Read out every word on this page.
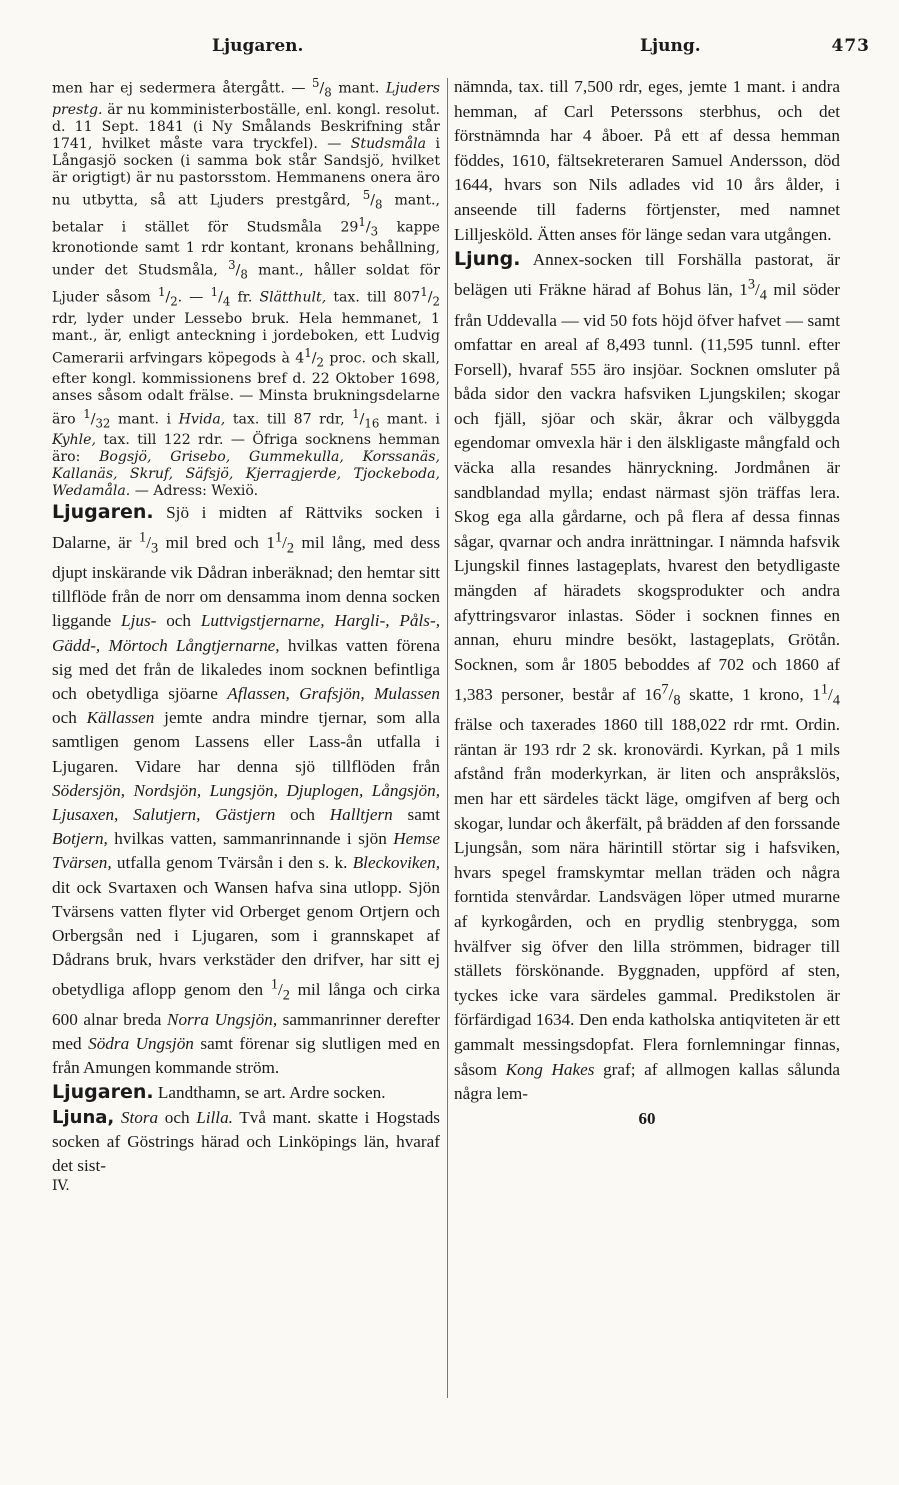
Ljugaren.	Ljung.	473

men har ej sedermera återgått. — $^5/_8$ mant. Ljuders prestg. är nu komministerboställe, enl. kongl. resolut. d. 11 Sept. 1841 (i Ny Smålands Beskrifning står 1741, hvilket måste vara tryckfel). — Studsmåla i Långasjö socken (i samma bok står Sandsjö, hvilket är origtigt) är nu pastorsstom. Hemmanens onera äro nu utbytta, så att Ljuders prestgård, $^5/_8$ mant., betalar i stället för Studsmåla $29^1/_3$ kappe kronotionde samt 1 rdr kontant, kronans behållning, under det Studsmåla, $^3/_8$ mant., håller soldat för Ljuder såsom $^1/_2$. — $^1/_4$ fr. Slätthult, tax. till $807^1/_2$ rdr, lyder under Lessebo bruk. Hela hemmanet, 1 mant., är, enligt anteckning i jordeboken, ett Ludvig Camerarii arfvingars köpegods à $4^1/_2$ proc. och skall, efter kongl. kommissionens bref d. 22 Oktober 1698, anses såsom odalt frälse. — Minsta brukningsdelarne äro $^1/_{32}$ mant. i Hvida, tax. till 87 rdr, $^1/_{16}$ mant. i Kyhle, tax. till 122 rdr. — Öfriga socknens hemman äro: Bogsjö, Grisebo, Gummekulla, Korssanäs, Kallanäs, Skruf, Säfsjö, Kjerragjerde, Tjockeboda, Wedamåla. — Adress: Wexiö.

Ljugaren. Sjö i midten af Rättviks socken i Dalarne, är $^1/_3$ mil bred och $1^1/_2$ mil lång, med dess djupt inskärande vik Dådran inberäknad; den hemtar sitt tillflöde från de norr om densamma inom denna socken liggande Ljus- och Luttvigstjernarne, Hargli-, Påls-, Gädd-, Mörtoch Långtjernarne, hvilkas vatten förena sig med det från de likaledes inom socknen befintliga och obetydliga sjöarne Aflassen, Grafsjön, Mulassen och Källassen jemte andra mindre tjernar, som alla samtligen genom Lassens eller Lass-ån utfalla i Ljugaren. Vidare har denna sjö tillflöden från Södersjön, Nordsjön, Lungsjön, Djuplogen, Långsjön, Ljusaxen, Salutjern, Gästjern och Halltjern samt Botjern, hvilkas vatten, sammanrinnande i sjön Hemse Tvärsen, utfalla genom Tvärsån i den s. k. Bleckoviken, dit ock Svartaxen och Wansen hafva sina utlopp. Sjön Tvärsens vatten flyter vid Orberget genom Ortjern och Orbergsån ned i Ljugaren, som i grannskapet af Dådrans bruk, hvars verkstäder den drifver, har sitt ej obetydliga aflopp genom den $^1/_2$ mil långa och cirka 600 alnar breda Norra Ungsjön, sammanrinner derefter med Södra Ungsjön samt förenar sig slutligen med en från Amungen kommande ström.

Ljugaren. Landthamn, se art. Ardre socken.

Ljuna, Stora och Lilla. Två mant. skatte i Hogstads socken af Göstrings härad och Linköpings län, hvaraf det sist-

IV.

nämnda, tax. till 7,500 rdr, eges, jemte 1 mant. i andra hemman, af Carl Peterssons sterbhus, och det förstnämnda har 4 åboer. På ett af dessa hemman föddes, 1610, fältsekreteraren Samuel Andersson, död 1644, hvars son Nils adlades vid 10 års ålder, i anseende till faderns förtjenster, med namnet Lilljesköld. Ätten anses för länge sedan vara utgången.

Ljung. Annex-socken till Forshälla pastorat, är belägen uti Fräkne härad af Bohus län, $1^3/_4$ mil söder från Uddevalla — vid 50 fots höjd öfver hafvet — samt omfattar en areal af 8,493 tunnl. (11,595 tunnl. efter Forsell), hvaraf 555 äro insjöar. Socknen omsluter på båda sidor den vackra hafsviken Ljungskilen; skogar och fjäll, sjöar och skär, åkrar och välbyggda egendomar omvexla här i den älskligaste mångfald och väcka alla resandes hänryckning. Jordmånen är sandblandad mylla; endast närmast sjön träffas lera. Skog ega alla gårdarne, och på flera af dessa finnas sågar, qvarnar och andra inrättningar. I nämnda hafsvik Ljungskil finnes lastageplats, hvarest den betydligaste mängden af häradets skogsprodukter och andra afyttringsvaror inlastas. Söder i socknen finnes en annan, ehuru mindre besökt, lastageplats, Grötån. Socknen, som år 1805 beboddes af 702 och 1860 af 1,383 personer, består af $16^7/_8$ skatte, 1 krono, $1^1/_4$ frälse och taxerades 1860 till 188,022 rdr rmt. Ordin. räntan är 193 rdr 2 sk. kronovärdi. Kyrkan, på 1 mils afstånd från moderkyrkan, är liten och anspråkslös, men har ett särdeles täckt läge, omgifven af berg och skogar, lundar och åkerfält, på brädden af den forssande Ljungsån, som nära härintill störtar sig i hafsviken, hvars spegel framskymtar mellan träden och några forntida stenvårdar. Landsvägen löper utmed murarne af kyrkogården, och en prydlig stenbrygga, som hvälfver sig öfver den lilla strömmen, bidrager till ställets förskönande. Byggnaden, uppförd af sten, tyckes icke vara särdeles gammal. Predikstolen är förfärdigad 1634. Den enda katholska antiqviteten är ett gammalt messingsdopfat. Flera fornlemningar finnas, såsom Kong Hakes graf; af allmogen kallas sålunda några lem-

60
